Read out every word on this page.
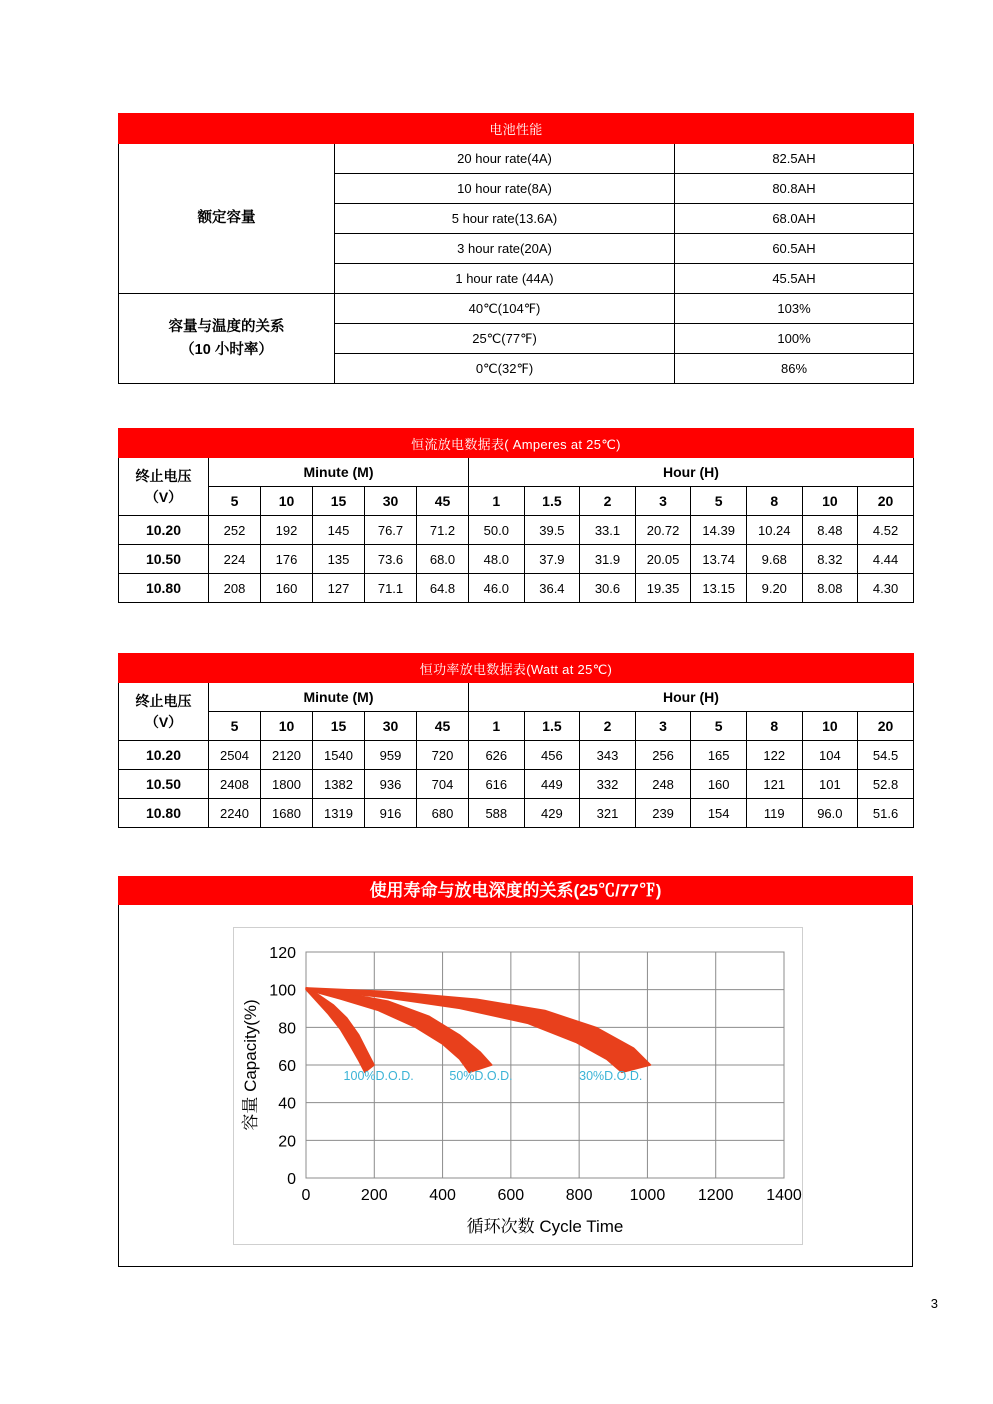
电池性能		
额定容量	20 hour rate(4A)	82.5AH
	10 hour rate(8A)	80.8AH
	5 hour rate(13.6A)	68.0AH
	3 hour rate(20A)	60.5AH
	1 hour rate (44A)	45.5AH
容量与温度的关系
（10 小时率）	40℃(104℉)	103%
	25℃(77℉)	100%
	0℃(32℉)	86%
恒流放电数据表( Amperes at 25℃)													
终止电压
（V）	Minute (M)					Hour (H)							
	5	10	15	30	45	1	1.5	2	3	5	8	10	20
10.20	252	192	145	76.7	71.2	50.0	39.5	33.1	20.72	14.39	10.24	8.48	4.52
10.50	224	176	135	73.6	68.0	48.0	37.9	31.9	20.05	13.74	9.68	8.32	4.44
10.80	208	160	127	71.1	64.8	46.0	36.4	30.6	19.35	13.15	9.20	8.08	4.30
恒功率放电数据表(Watt at 25℃)													
终止电压
（V）	Minute (M)					Hour (H)							
	5	10	15	30	45	1	1.5	2	3	5	8	10	20
10.20	2504	2120	1540	959	720	626	456	343	256	165	122	104	54.5
10.50	2408	1800	1382	936	704	616	449	332	248	160	121	101	52.8
10.80	2240	1680	1319	916	680	588	429	321	239	154	119	96.0	51.6
使用寿命与放电深度的关系(25℃/77℉)
0
20
40
60
80
100
120
0	200	400	600	800 1000 1200 1400
100%D.O.D.	50%D.O.D.	30%D.O.D.
循环次数 Cycle Time
容量 Capacity(%)
3
